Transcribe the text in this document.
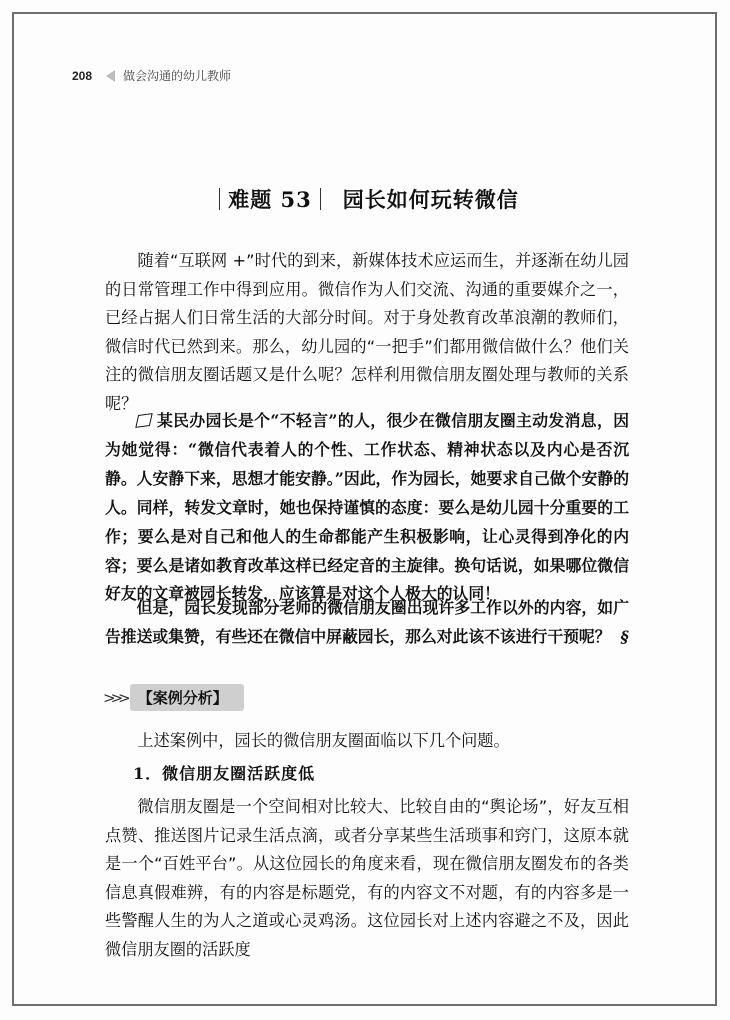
208	做会沟通的幼儿教师
难题 53 园长如何玩转微信
随着“互联网 +”时代的到来，新媒体技术应运而生，并逐渐在幼儿园的日常管理工作中得到应用。微信作为人们交流、沟通的重要媒介之一，已经占据人们日常生活的大部分时间。对于身处教育改革浪潮的教师们，微信时代已然到来。那么，幼儿园的“一把手”们都用微信做什么？他们关注的微信朋友圈话题又是什么呢？怎样利用微信朋友圈处理与教师的关系呢？
某民办园长是个“不轻言”的人，很少在微信朋友圈主动发消息，因为她觉得：“微信代表着人的个性、工作状态、精神状态以及内心是否沉静。人安静下来，思想才能安静。”因此，作为园长，她要求自己做个安静的人。同样，转发文章时，她也保持谨慎的态度：要么是幼儿园十分重要的工作；要么是对自己和他人的生命都能产生积极影响，让心灵得到净化的内容；要么是诸如教育改革这样已经定音的主旋律。换句话说，如果哪位微信好友的文章被园长转发，应该算是对这个人极大的认同！
但是，园长发现部分老师的微信朋友圈出现许多工作以外的内容，如广告推送或集赞，有些还在微信中屏蔽园长，那么对此该不该进行干预呢？ §
>>> 【案例分析】
上述案例中，园长的微信朋友圈面临以下几个问题。
1．微信朋友圈活跃度低
微信朋友圈是一个空间相对比较大、比较自由的“舆论场”，好友互相点赞、推送图片记录生活点滴，或者分享某些生活琐事和窍门，这原本就是一个“百姓平台”。从这位园长的角度来看，现在微信朋友圈发布的各类信息真假难辨，有的内容是标题党，有的内容文不对题，有的内容多是一些警醒人生的为人之道或心灵鸡汤。这位园长对上述内容避之不及，因此微信朋友圈的活跃度
